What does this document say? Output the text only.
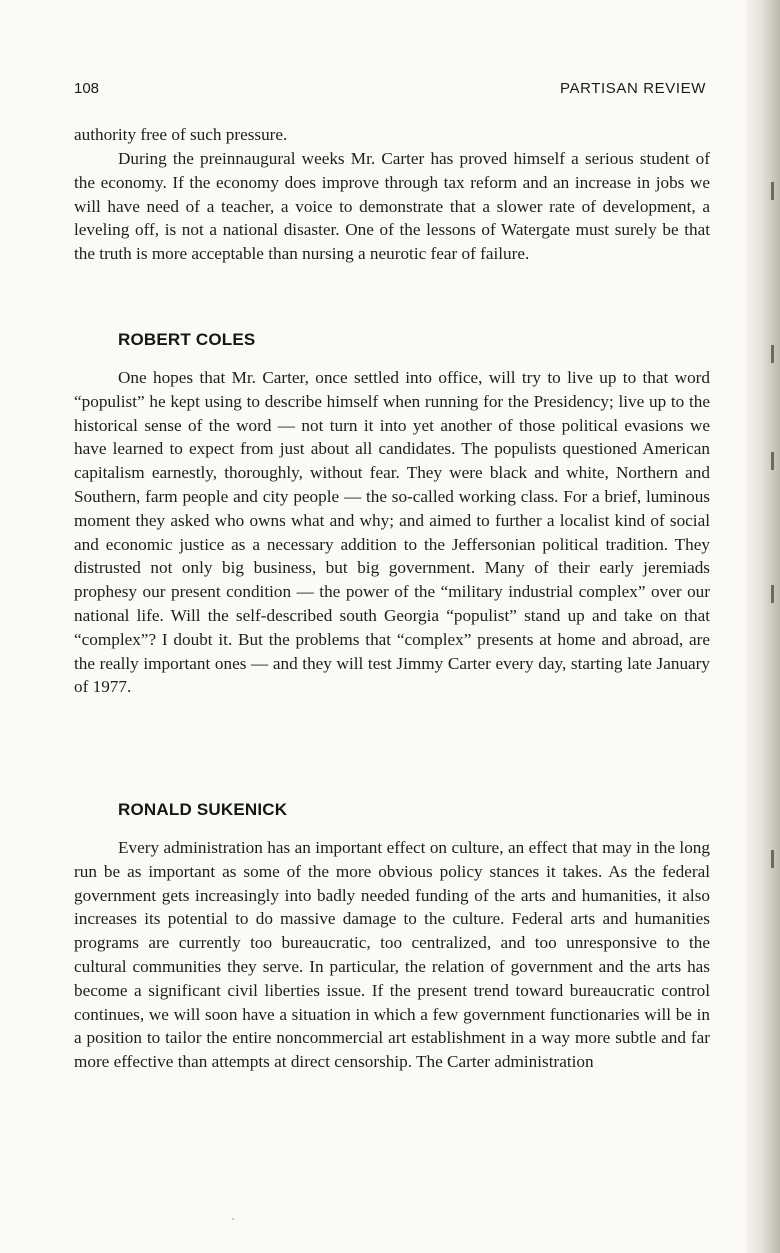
108	PARTISAN REVIEW

authority free of such pressure.

During the preinnaugural weeks Mr. Carter has proved himself a serious student of the economy. If the economy does improve through tax reform and an increase in jobs we will have need of a teacher, a voice to demonstrate that a slower rate of development, a leveling off, is not a national disaster. One of the lessons of Watergate must surely be that the truth is more acceptable than nursing a neurotic fear of failure.

ROBERT COLES

One hopes that Mr. Carter, once settled into office, will try to live up to that word “populist” he kept using to describe himself when running for the Presidency; live up to the historical sense of the word — not turn it into yet another of those political evasions we have learned to expect from just about all candidates. The populists questioned American capitalism earnestly, thoroughly, without fear. They were black and white, Northern and Southern, farm people and city people — the so-called working class. For a brief, luminous moment they asked who owns what and why; and aimed to further a localist kind of social and economic justice as a necessary addition to the Jeffersonian political tradition. They distrusted not only big business, but big government. Many of their early jeremiads prophesy our present condition — the power of the “military industrial complex” over our national life. Will the self-described south Georgia “populist” stand up and take on that “complex”? I doubt it. But the problems that “complex” presents at home and abroad, are the really important ones — and they will test Jimmy Carter every day, starting late January of 1977.

RONALD SUKENICK

Every administration has an important effect on culture, an effect that may in the long run be as important as some of the more obvious policy stances it takes. As the federal government gets increasingly into badly needed funding of the arts and humanities, it also increases its potential to do massive damage to the culture. Federal arts and humanities programs are currently too bureaucratic, too centralized, and too unresponsive to the cultural communities they serve. In particular, the relation of government and the arts has become a significant civil liberties issue. If the present trend toward bureaucratic control continues, we will soon have a situation in which a few government functionaries will be in a position to tailor the entire noncommercial art establishment in a way more subtle and far more effective than attempts at direct censorship. The Carter administration
